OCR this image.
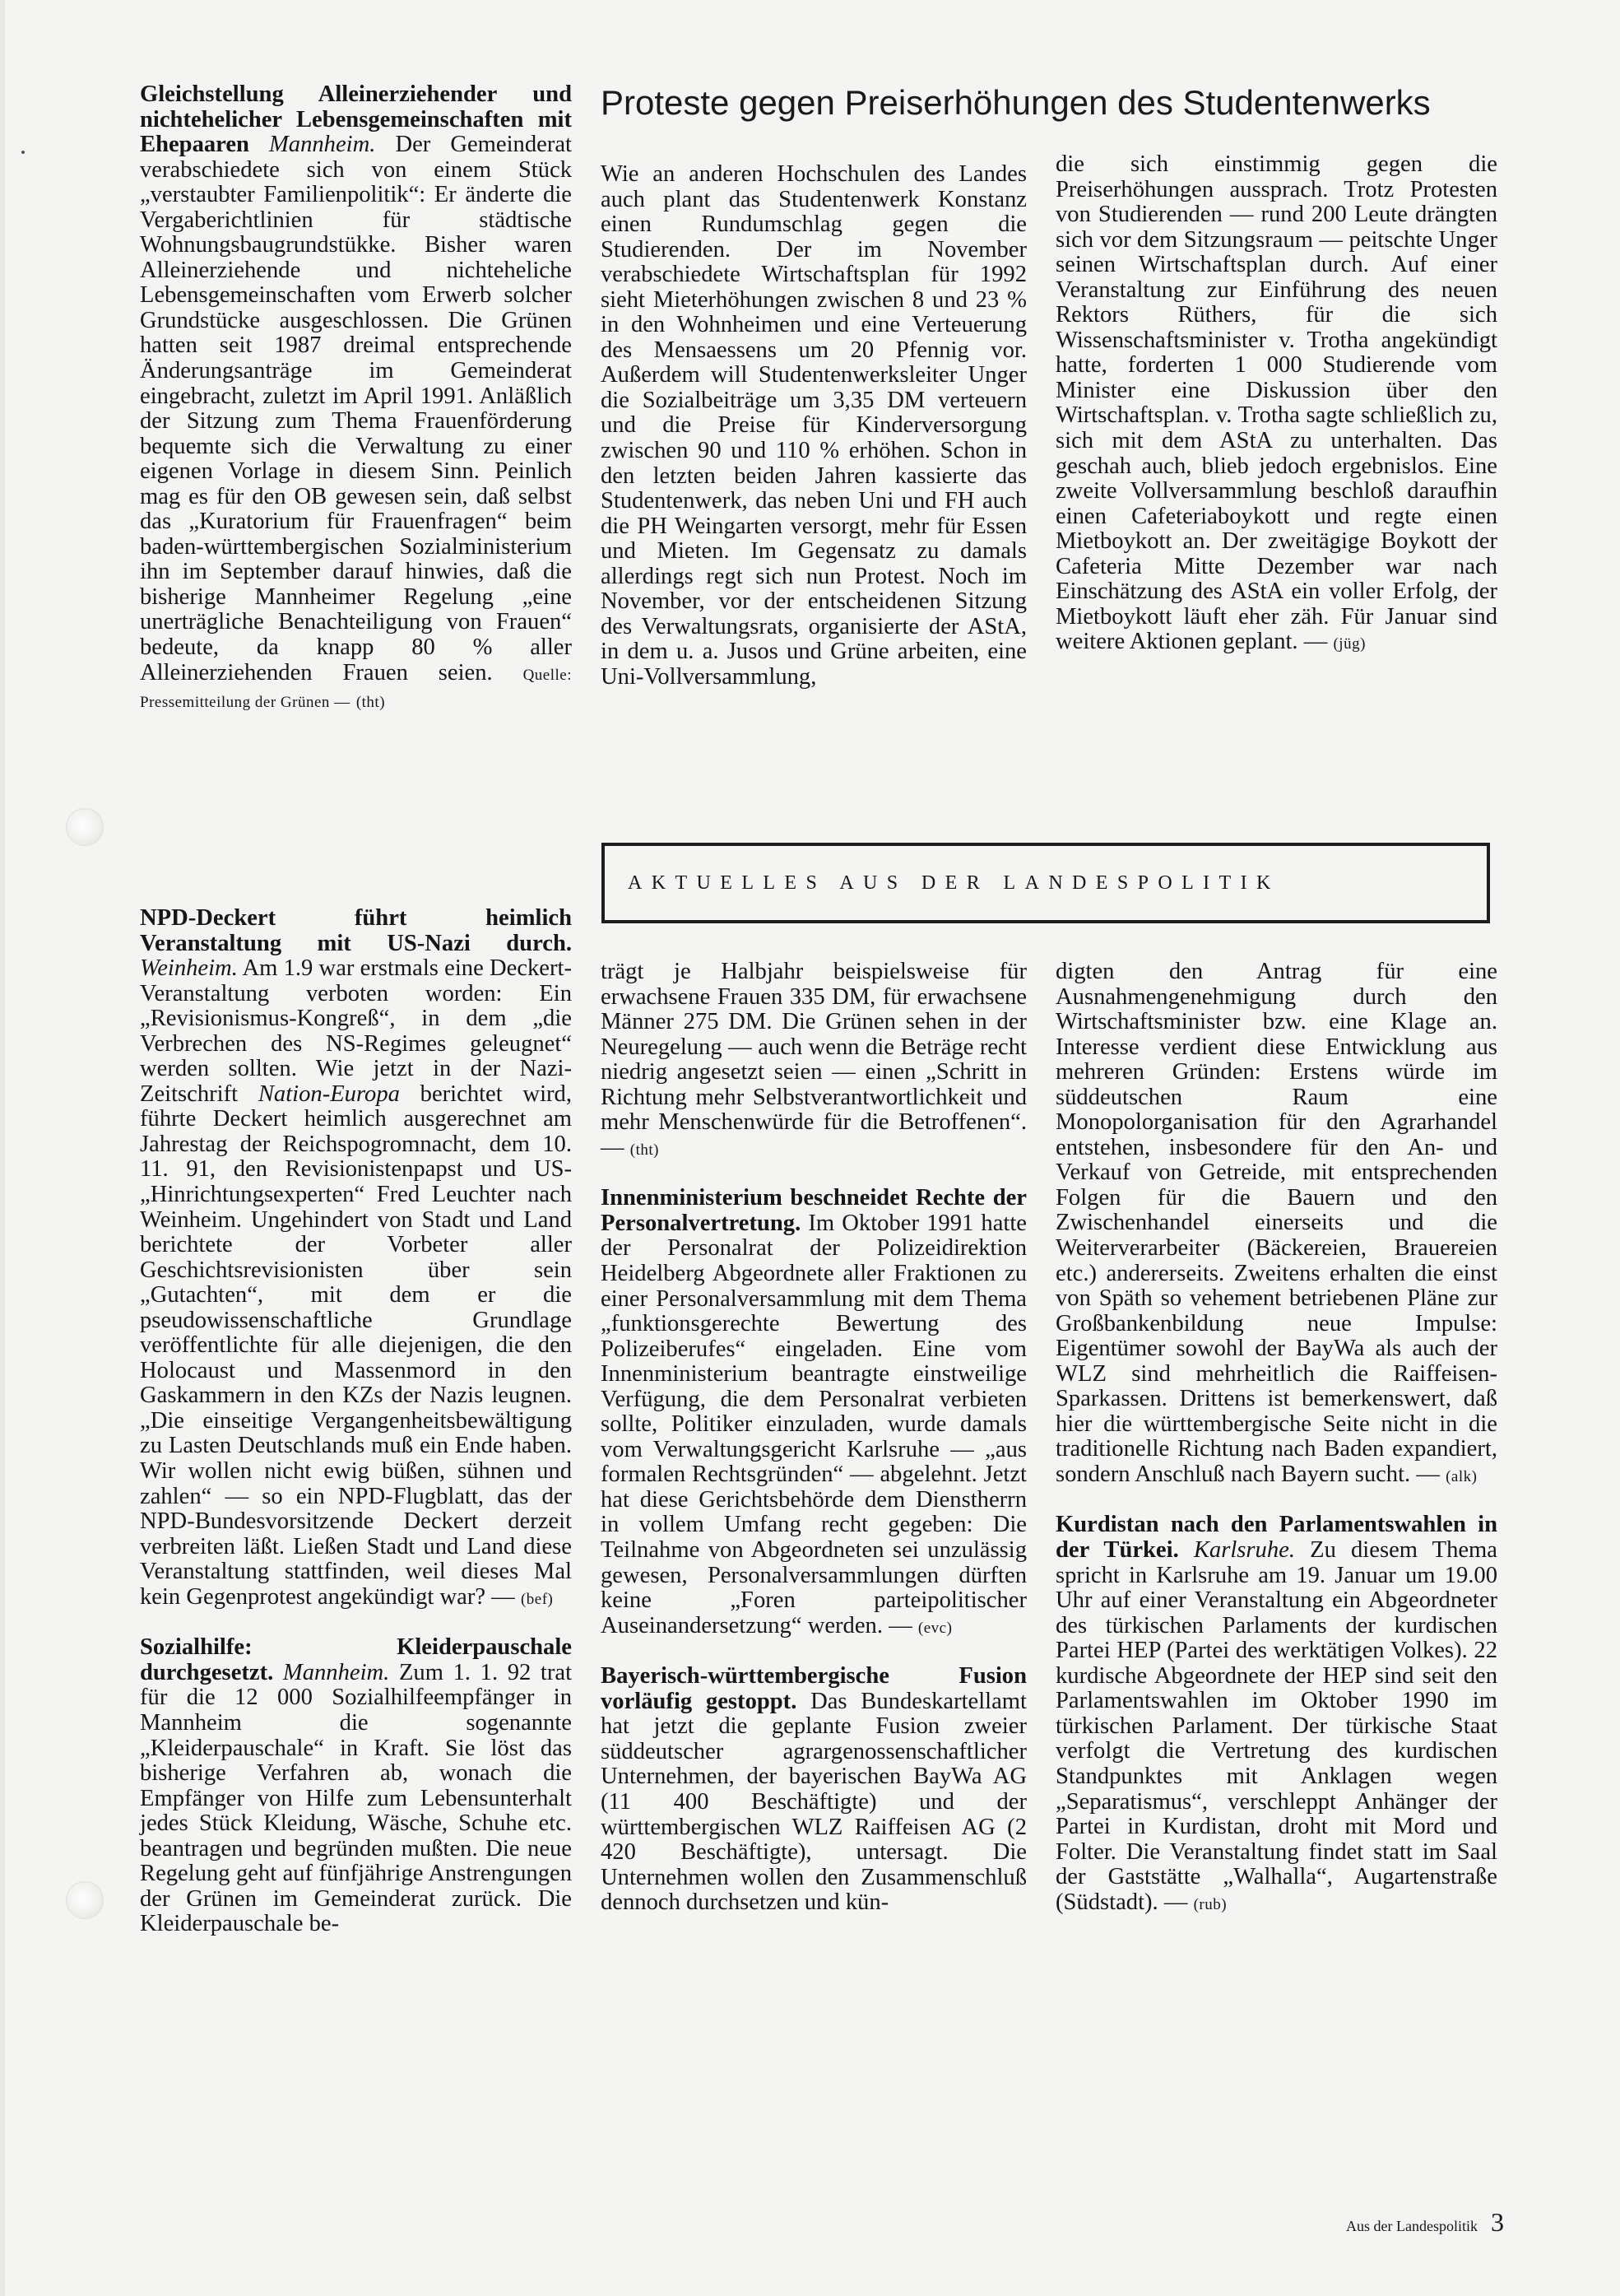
Gleichstellung Alleinerziehender und nichtehelicher Lebensgemeinschaften mit Ehepaaren Mannheim. Der Gemeinderat verabschiedete sich von einem Stück „verstaubter Familienpolitik“: Er änderte die Vergaberichtlinien für städtische Wohnungsbaugrundstükke. Bisher waren Alleinerziehende und nichteheliche Lebensgemeinschaften vom Erwerb solcher Grundstücke ausgeschlossen. Die Grünen hatten seit 1987 dreimal entsprechende Änderungsanträge im Gemeinderat eingebracht, zuletzt im April 1991. Anläßlich der Sitzung zum Thema Frauenförderung bequemte sich die Verwaltung zu einer eigenen Vorlage in diesem Sinn. Peinlich mag es für den OB gewesen sein, daß selbst das „Kuratorium für Frauenfragen“ beim baden-württembergischen Sozialministerium ihn im September darauf hinwies, daß die bisherige Mannheimer Regelung „eine unerträgliche Benachteiligung von Frauen“ bedeute, da knapp 80 % aller Alleinerziehenden Frauen seien. Quelle: Pressemitteilung der Grünen — (tht)

Proteste gegen Preiserhöhungen des Studentenwerks

Wie an anderen Hochschulen des Landes auch plant das Studentenwerk Konstanz einen Rundumschlag gegen die Studierenden. Der im November verabschiedete Wirtschaftsplan für 1992 sieht Mieterhöhungen zwischen 8 und 23 % in den Wohnheimen und eine Verteuerung des Mensaessens um 20 Pfennig vor. Außerdem will Studentenwerksleiter Unger die Sozialbeiträge um 3,35 DM verteuern und die Preise für Kinderversorgung zwischen 90 und 110 % erhöhen. Schon in den letzten beiden Jahren kassierte das Studentenwerk, das neben Uni und FH auch die PH Weingarten versorgt, mehr für Essen und Mieten. Im Gegensatz zu damals allerdings regt sich nun Protest. Noch im November, vor der entscheidenen Sitzung des Verwaltungsrats, organisierte der AStA, in dem u. a. Jusos und Grüne arbeiten, eine Uni-Vollversammlung,

die sich einstimmig gegen die Preiserhöhungen aussprach. Trotz Protesten von Studierenden — rund 200 Leute drängten sich vor dem Sitzungsraum — peitschte Unger seinen Wirtschaftsplan durch. Auf einer Veranstaltung zur Einführung des neuen Rektors Rüthers, für die sich Wissenschaftsminister v. Trotha angekündigt hatte, forderten 1 000 Studierende vom Minister eine Diskussion über den Wirtschaftsplan. v. Trotha sagte schließlich zu, sich mit dem AStA zu unterhalten. Das geschah auch, blieb jedoch ergebnislos. Eine zweite Vollversammlung beschloß daraufhin einen Cafeteriaboykott und regte einen Mietboykott an. Der zweitägige Boykott der Cafeteria Mitte Dezember war nach Einschätzung des AStA ein voller Erfolg, der Mietboykott läuft eher zäh. Für Januar sind weitere Aktionen geplant. — (jüg)

AKTUELLES AUS DER LANDESPOLITIK

NPD-Deckert führt heimlich Veranstaltung mit US-Nazi durch. Weinheim. Am 1.9 war erstmals eine Deckert-Veranstaltung verboten worden: Ein „Revisionismus-Kongreß“, in dem „die Verbrechen des NS-Regimes geleugnet“ werden sollten. Wie jetzt in der Nazi-Zeitschrift Nation-Europa berichtet wird, führte Deckert heimlich ausgerechnet am Jahrestag der Reichspogromnacht, dem 10. 11. 91, den Revisionistenpapst und US-„Hinrichtungsexperten“ Fred Leuchter nach Weinheim. Ungehindert von Stadt und Land berichtete der Vorbeter aller Geschichtsrevisionisten über sein „Gutachten“, mit dem er die pseudowissenschaftliche Grundlage veröffentlichte für alle diejenigen, die den Holocaust und Massenmord in den Gaskammern in den KZs der Nazis leugnen. „Die einseitige Vergangenheitsbewältigung zu Lasten Deutschlands muß ein Ende haben. Wir wollen nicht ewig büßen, sühnen und zahlen“ — so ein NPD-Flugblatt, das der NPD-Bundesvorsitzende Deckert derzeit verbreiten läßt. Ließen Stadt und Land diese Veranstaltung stattfinden, weil dieses Mal kein Gegenprotest angekündigt war? — (bef)

Sozialhilfe: Kleiderpauschale durchgesetzt. Mannheim. Zum 1. 1. 92 trat für die 12 000 Sozialhilfeempfänger in Mannheim die sogenannte „Kleiderpauschale“ in Kraft. Sie löst das bisherige Verfahren ab, wonach die Empfänger von Hilfe zum Lebensunterhalt jedes Stück Kleidung, Wäsche, Schuhe etc. beantragen und begründen mußten. Die neue Regelung geht auf fünfjährige Anstrengungen der Grünen im Gemeinderat zurück. Die Kleiderpauschale be-

trägt je Halbjahr beispielsweise für erwachsene Frauen 335 DM, für erwachsene Männer 275 DM. Die Grünen sehen in der Neuregelung — auch wenn die Beträge recht niedrig angesetzt seien — einen „Schritt in Richtung mehr Selbstverantwortlichkeit und mehr Menschenwürde für die Betroffenen“. — (tht)

Innenministerium beschneidet Rechte der Personalvertretung. Im Oktober 1991 hatte der Personalrat der Polizeidirektion Heidelberg Abgeordnete aller Fraktionen zu einer Personalversammlung mit dem Thema „funktionsgerechte Bewertung des Polizeiberufes“ eingeladen. Eine vom Innenministerium beantragte einstweilige Verfügung, die dem Personalrat verbieten sollte, Politiker einzuladen, wurde damals vom Verwaltungsgericht Karlsruhe — „aus formalen Rechtsgründen“ — abgelehnt. Jetzt hat diese Gerichtsbehörde dem Dienstherrn in vollem Umfang recht gegeben: Die Teilnahme von Abgeordneten sei unzulässig gewesen, Personalversammlungen dürften keine „Foren parteipolitischer Auseinandersetzung“ werden. — (evc)

Bayerisch-württembergische Fusion vorläufig gestoppt. Das Bundeskartellamt hat jetzt die geplante Fusion zweier süddeutscher agrargenossenschaftlicher Unternehmen, der bayerischen BayWa AG (11 400 Beschäftigte) und der württembergischen WLZ Raiffeisen AG (2 420 Beschäftigte), untersagt. Die Unternehmen wollen den Zusammenschluß dennoch durchsetzen und kün-

digten den Antrag für eine Ausnahmengenehmigung durch den Wirtschaftsminister bzw. eine Klage an. Interesse verdient diese Entwicklung aus mehreren Gründen: Erstens würde im süddeutschen Raum eine Monopolorganisation für den Agrarhandel entstehen, insbesondere für den An- und Verkauf von Getreide, mit entsprechenden Folgen für die Bauern und den Zwischenhandel einerseits und die Weiterverarbeiter (Bäckereien, Brauereien etc.) andererseits. Zweitens erhalten die einst von Späth so vehement betriebenen Pläne zur Großbankenbildung neue Impulse: Eigentümer sowohl der BayWa als auch der WLZ sind mehrheitlich die Raiffeisen-Sparkassen. Drittens ist bemerkenswert, daß hier die württembergische Seite nicht in die traditionelle Richtung nach Baden expandiert, sondern Anschluß nach Bayern sucht. — (alk)

Kurdistan nach den Parlamentswahlen in der Türkei. Karlsruhe. Zu diesem Thema spricht in Karlsruhe am 19. Januar um 19.00 Uhr auf einer Veranstaltung ein Abgeordneter des türkischen Parlaments der kurdischen Partei HEP (Partei des werktätigen Volkes). 22 kurdische Abgeordnete der HEP sind seit den Parlamentswahlen im Oktober 1990 im türkischen Parlament. Der türkische Staat verfolgt die Vertretung des kurdischen Standpunktes mit Anklagen wegen „Separatismus“, verschleppt Anhänger der Partei in Kurdistan, droht mit Mord und Folter. Die Veranstaltung findet statt im Saal der Gaststätte „Walhalla“, Augartenstraße (Südstadt). — (rub)

Aus der Landespolitik 3
